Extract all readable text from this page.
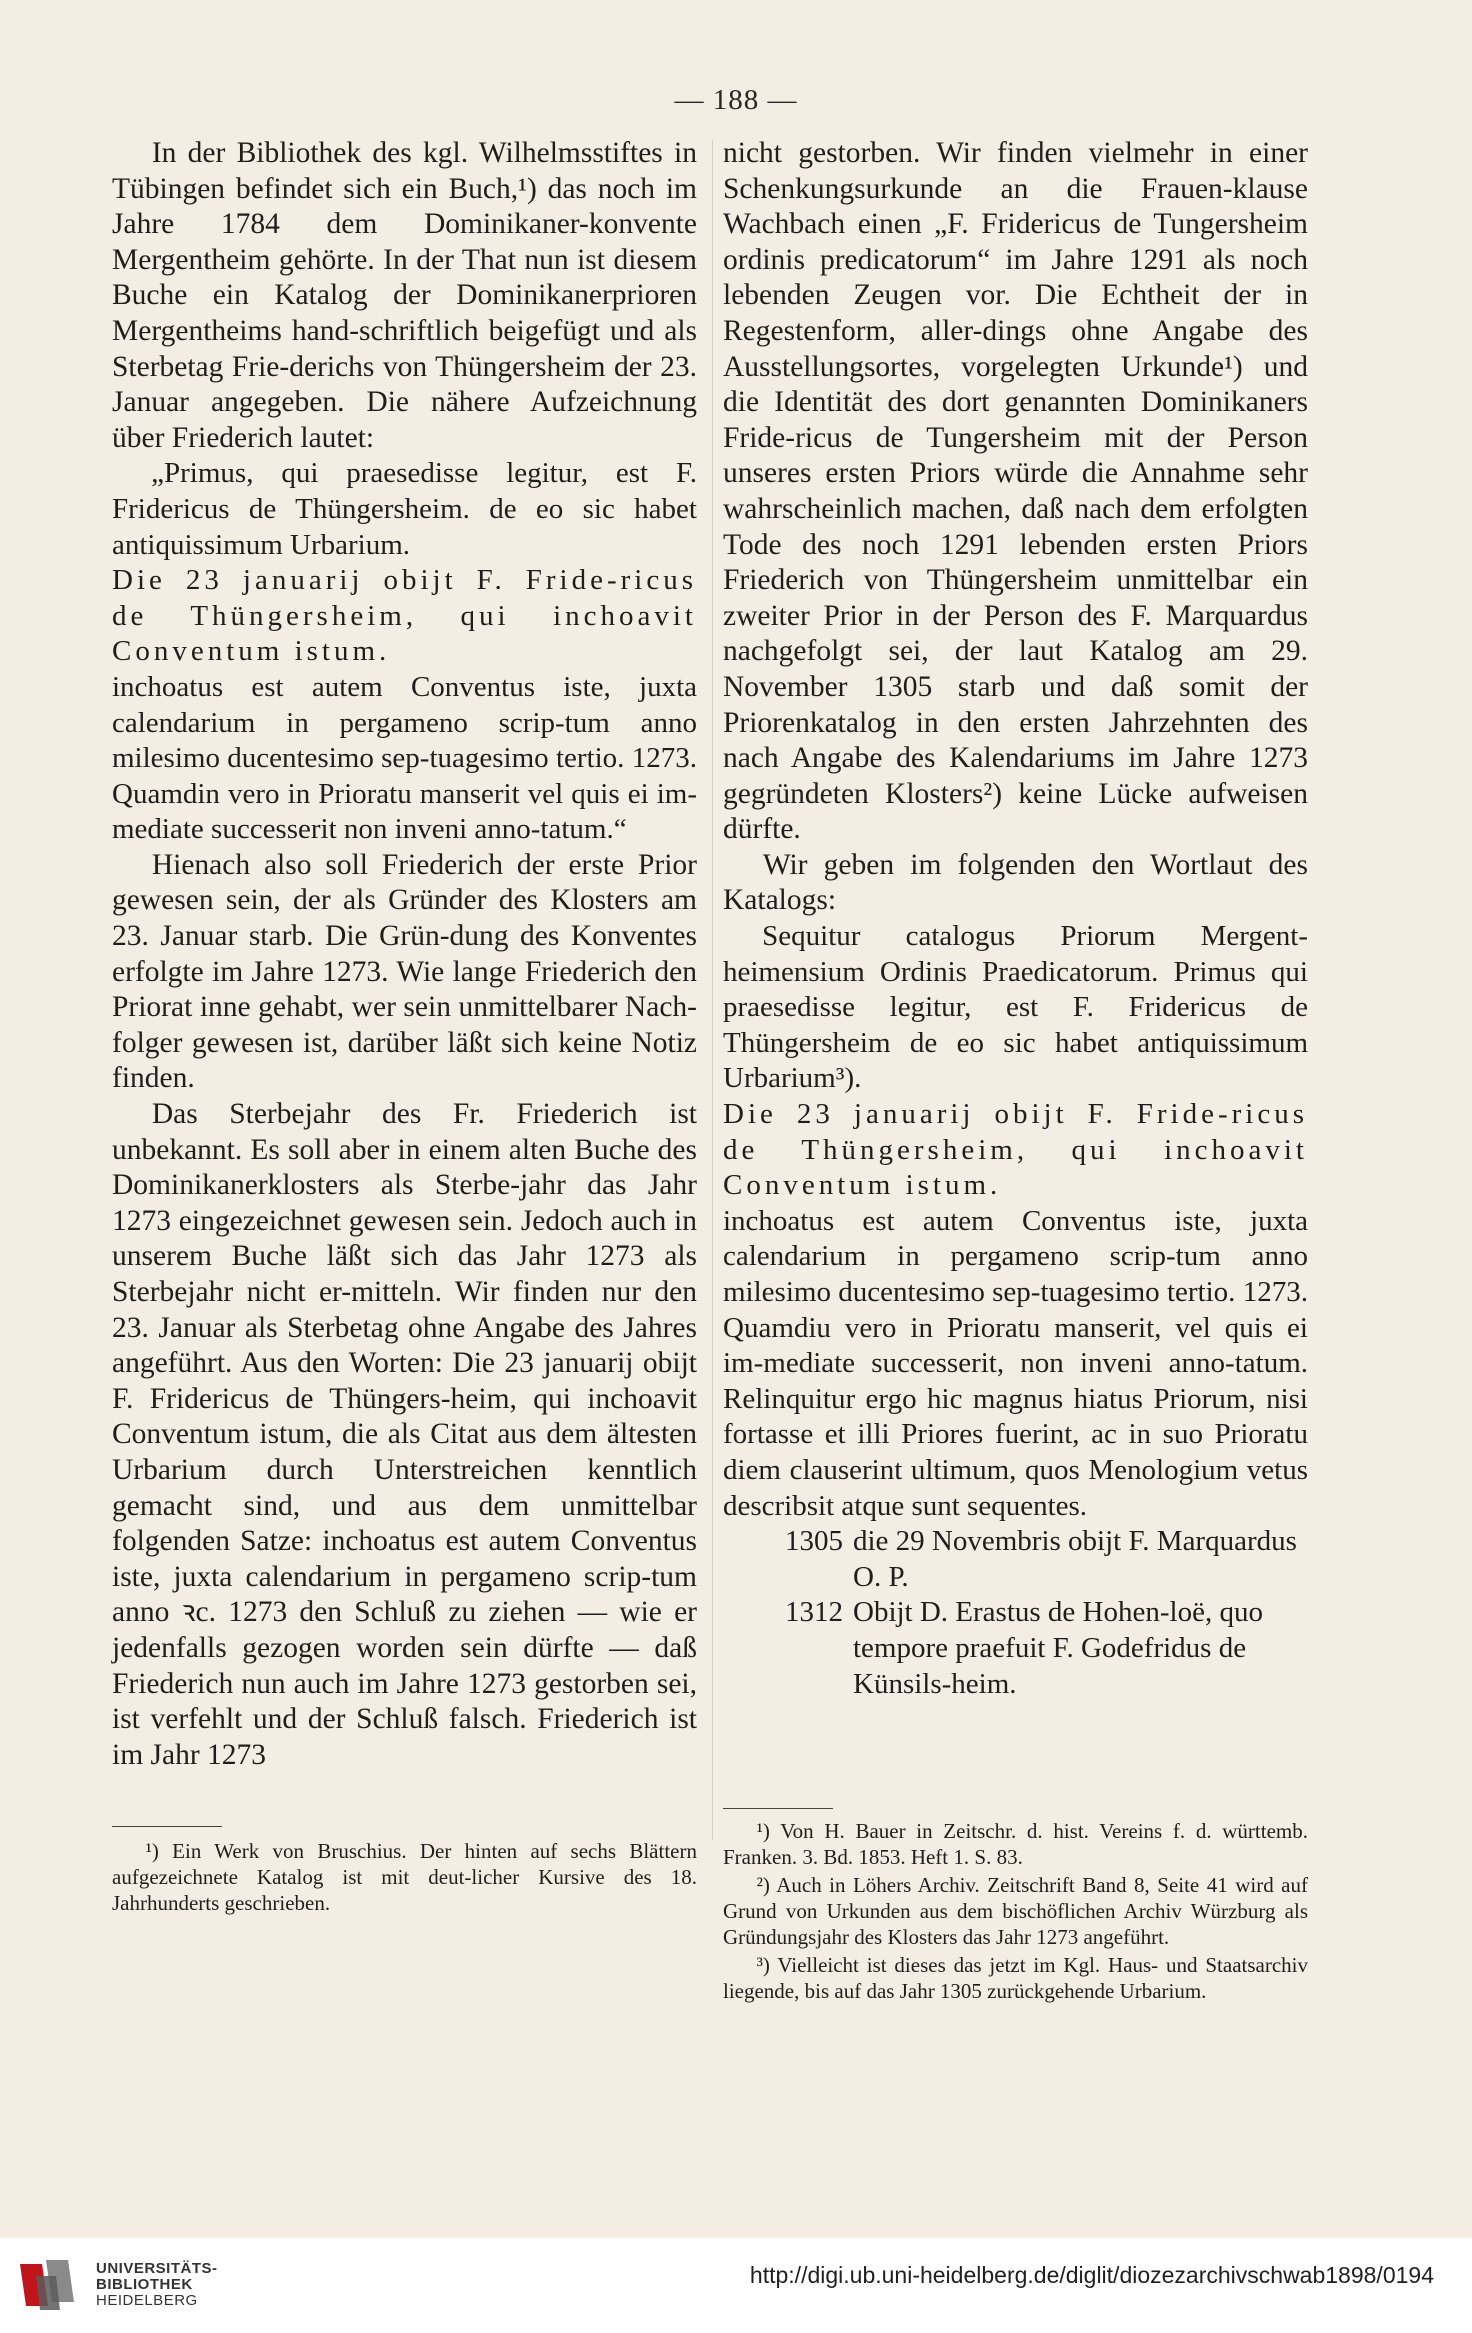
— 188 —

In der Bibliothek des kgl. Wilhelmsstiftes in Tübingen befindet sich ein Buch,¹) das noch im Jahre 1784 dem Dominikaner-konvente Mergentheim gehörte. In der That nun ist diesem Buche ein Katalog der Dominikanerprioren Mergentheims hand-schriftlich beigefügt und als Sterbetag Frie-derichs von Thüngersheim der 23. Januar angegeben. Die nähere Aufzeichnung über Friederich lautet:

„Primus, qui praesedisse legitur, est F. Fridericus de Thüngersheim. de eo sic habet antiquissimum Urbarium.

Die 23 januarij obijt F. Fride-ricus de Thüngersheim, qui inchoavit Conventum istum.

inchoatus est autem Conventus iste, juxta calendarium in pergameno scrip-tum anno milesimo ducentesimo sep-tuagesimo tertio. 1273. Quamdin vero in Prioratu manserit vel quis ei im-mediate successerit non inveni anno-tatum.“

Hienach also soll Friederich der erste Prior gewesen sein, der als Gründer des Klosters am 23. Januar starb. Die Grün-dung des Konventes erfolgte im Jahre 1273. Wie lange Friederich den Priorat inne gehabt, wer sein unmittelbarer Nach-folger gewesen ist, darüber läßt sich keine Notiz finden.

Das Sterbejahr des Fr. Friederich ist unbekannt. Es soll aber in einem alten Buche des Dominikanerklosters als Sterbe-jahr das Jahr 1273 eingezeichnet gewesen sein. Jedoch auch in unserem Buche läßt sich das Jahr 1273 als Sterbejahr nicht er-mitteln. Wir finden nur den 23. Januar als Sterbetag ohne Angabe des Jahres angeführt. Aus den Worten: Die 23 januarij obijt F. Fridericus de Thüngers-heim, qui inchoavit Conventum istum, die als Citat aus dem ältesten Urbarium durch Unterstreichen kenntlich gemacht sind, und aus dem unmittelbar folgenden Satze: inchoatus est autem Conventus iste, juxta calendarium in pergameno scrip-tum anno ꝛc. 1273 den Schluß zu ziehen — wie er jedenfalls gezogen worden sein dürfte — daß Friederich nun auch im Jahre 1273 gestorben sei, ist verfehlt und der Schluß falsch. Friederich ist im Jahr 1273

¹) Ein Werk von Bruschius. Der hinten auf sechs Blättern aufgezeichnete Katalog ist mit deut-licher Kursive des 18. Jahrhunderts geschrieben.

nicht gestorben. Wir finden vielmehr in einer Schenkungsurkunde an die Frauen-klause Wachbach einen „F. Fridericus de Tungersheim ordinis predicatorum“ im Jahre 1291 als noch lebenden Zeugen vor. Die Echtheit der in Regestenform, aller-dings ohne Angabe des Ausstellungsortes, vorgelegten Urkunde¹) und die Identität des dort genannten Dominikaners Fride-ricus de Tungersheim mit der Person unseres ersten Priors würde die Annahme sehr wahrscheinlich machen, daß nach dem erfolgten Tode des noch 1291 lebenden ersten Priors Friederich von Thüngersheim unmittelbar ein zweiter Prior in der Person des F. Marquardus nachgefolgt sei, der laut Katalog am 29. November 1305 starb und daß somit der Priorenkatalog in den ersten Jahrzehnten des nach Angabe des Kalendariums im Jahre 1273 gegründeten Klosters²) keine Lücke aufweisen dürfte.

Wir geben im folgenden den Wortlaut des Katalogs:

Sequitur catalogus Priorum Mergent-heimensium Ordinis Praedicatorum. Primus qui praesedisse legitur, est F. Fridericus de Thüngersheim de eo sic habet antiquissimum Urbarium³).

Die 23 januarij obijt F. Fride-ricus de Thüngersheim, qui inchoavit Conventum istum.

inchoatus est autem Conventus iste, juxta calendarium in pergameno scrip-tum anno milesimo ducentesimo sep-tuagesimo tertio. 1273. Quamdiu vero in Prioratu manserit, vel quis ei im-mediate successerit, non inveni anno-tatum. Relinquitur ergo hic magnus hiatus Priorum, nisi fortasse et illi Priores fuerint, ac in suo Prioratu diem clauserint ultimum, quos Menologium vetus describsit atque sunt sequentes.

1305 die 29 Novembris obijt F. Marquardus O. P.
1312 Obijt D. Erastus de Hohen-loë, quo tempore praefuit F. Godefridus de Künsils-heim.

¹) Von H. Bauer in Zeitschr. d. hist. Vereins f. d. württemb. Franken. 3. Bd. 1853. Heft 1. S. 83.

²) Auch in Löhers Archiv. Zeitschrift Band 8, Seite 41 wird auf Grund von Urkunden aus dem bischöflichen Archiv Würzburg als Gründungsjahr des Klosters das Jahr 1273 angeführt.

³) Vielleicht ist dieses das jetzt im Kgl. Haus- und Staatsarchiv liegende, bis auf das Jahr 1305 zurückgehende Urbarium.

UNIVERSITÄTS-
BIBLIOTHEK
HEIDELBERG
http://digi.ub.uni-heidelberg.de/diglit/diozezarchivschwab1898/0194
